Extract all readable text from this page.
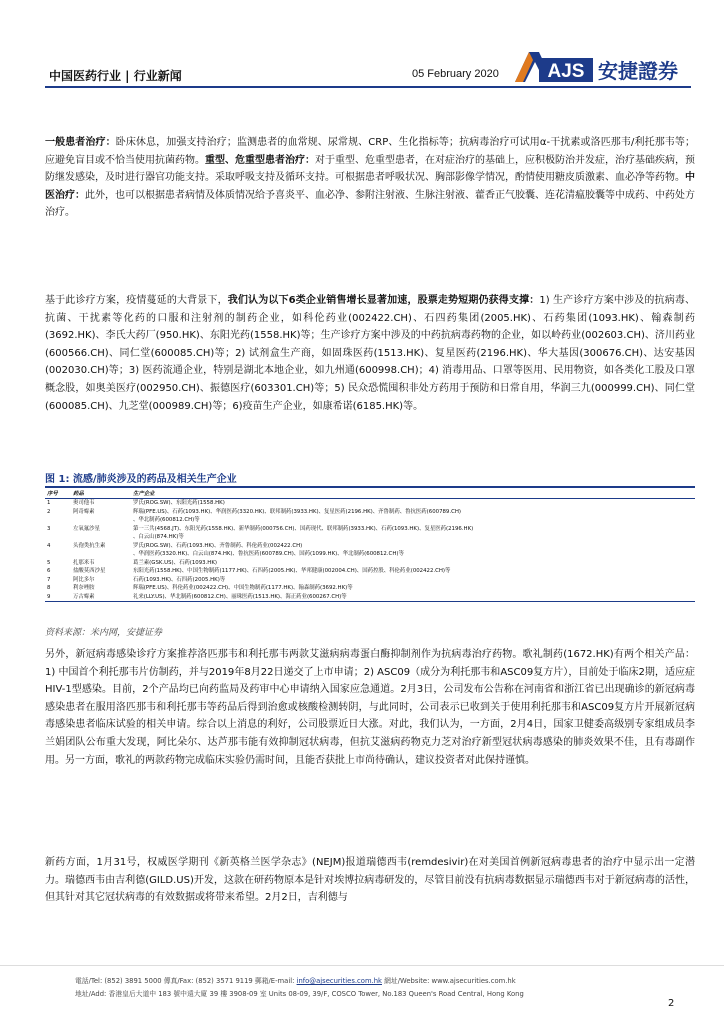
中国医药行业 | 行业新闻	05 February 2020	AJS 安捷證券
一般患者治疗：卧床休息，加强支持治疗；监测患者的血常规、尿常规、CRP、生化指标等；抗病毒治疗可试用α-干扰素或洛匹那韦/利托那韦等；应避免盲目或不恰当使用抗菌药物。重型、危重型患者治疗：对于重型、危重型患者，在对症治疗的基础上，应积极防治并发症，治疗基础疾病，预防继发感染，及时进行器官功能支持。采取呼吸支持及循环支持。可根据患者呼吸状况、胸部影像学情况，酌情使用糖皮质激素、血必净等药物。中医治疗：此外，也可以根据患者病情及体质情况给予喜炎平、血必净、参附注射液、生脉注射液、藿香正气胶囊、连花清瘟胶囊等中成药、中药处方治疗。
基于此诊疗方案，疫情蔓延的大背景下，我们认为以下6类企业销售增长显著加速，股票走势短期仍获得支撑：1) 生产诊疗方案中涉及的抗病毒、抗菌、干扰素等化药的口服和注射剂的制药企业，如科伦药业(002422.CH)、石四药集团(2005.HK)、石药集团(1093.HK)、翰森制药(3692.HK)、李氏大药厂(950.HK)、东阳光药(1558.HK)等；生产诊疗方案中涉及的中药抗病毒药物的企业，如以岭药业(002603.CH)、济川药业(600566.CH)、同仁堂(600085.CH)等；2) 试剂盒生产商，如固珠医药(1513.HK)、复星医药(2196.HK)、华大基因(300676.CH)、达安基因(002030.CH)等；3) 医药流通企业，特别是湖北本地企业，如九州通(600998.CH)；4) 消毒用品、口罩等医用、民用物资，如各类化工股及口罩概念股，如奥美医疗(002950.CH)、振德医疗(603301.CH)等；5) 民众恐慌囤积非处方药用于预防和日常自用，华润三九(000999.CH)、同仁堂(600085.CH)、九芝堂(000989.CH)等；6)疫苗生产企业，如康希诺(6185.HK)等。
图 1: 流感/肺炎涉及的药品及相关生产企业
序号	药品	生产企业
1	奥司他韦	罗氏(ROG.SW)、东阳光药(1558.HK)
2	阿奇霉素	辉瑞(PFE.US)、石药(1093.HK)、华润医药(3320.HK)、联邦制药(3933.HK)、复星医药(2196.HK)、齐鲁制药、鲁抗医药(600789.CH)
		、华北制药(600812.CH)等
3	左氧氟沙星	第一三共(4568.JT)、东阳光药(1558.HK)、新华制药(000756.CH)、国药现代、联邦制药(3933.HK)、石药(1093.HK)、复星医药(2196.HK)
		、白云山(874.HK)等
4	头孢类抗生素	罗氏(ROG.SW)、石药(1093.HK)、齐鲁制药、科伦药业(002422.CH)
		、华润医药(3320.HK)、白云山(874.HK)、鲁抗医药(600789.CH)、国药(1099.HK)、华北制药(600812.CH)等
5	扎那米韦	葛兰素(GSK.US)、石药(1093.HK)
6	盐酸莫西沙星	东阳光药(1558.HK)、中国生物制药(1177.HK)、石四药(2005.HK)、华邦健康(002004.CH)、国药控股、科伦药业(002422.CH)等
7	阿比多尔	石药(1093.HK)、石四药(2005.HK)等
8	利奈唑胺	辉瑞(PFE.US)、科伦药业(002422.CH)、中国生物制药(1177.HK)、翰森制药(3692.HK)等
9	万古霉素	礼来(LLY.US)、华北制药(600812.CH)、丽珠医药(1513.HK)、海正药业(600267.CH)等
资料来源：米内网，安捷证券
另外，新冠病毒感染诊疗方案推荐洛匹那韦和利托那韦两款艾滋病病毒蛋白酶抑制剂作为抗病毒治疗药物。歌礼制药(1672.HK)有两个相关产品：1) 中国首个利托那韦片仿制药，并与2019年8月22日递交了上市申请；2) ASC09（成分为利托那韦和ASC09复方片），目前处于临床2期，适应症HIV-1型感染。目前，2个产品均已向药监局及药审中心申请纳入国家应急通道。2月3日，公司发布公告称在河南省和浙江省已出现确诊的新冠病毒感染患者在服用洛匹那韦和利托那韦等药品后得到治愈或核酸检测转阴，与此同时，公司表示已收到关于使用利托那韦和ASC09复方片开展新冠病毒感染患者临床试验的相关申请。综合以上消息的利好，公司股票近日大涨。对此，我们认为，一方面，2月4日，国家卫健委高级别专家组成员李兰娟团队公布重大发现，阿比朵尔、达芦那韦能有效抑制冠状病毒，但抗艾滋病药物克力芝对治疗新型冠状病毒感染的肺炎效果不佳，且有毒副作用。另一方面，歌礼的两款药物完成临床实验仍需时间，且能否获批上市尚待确认，建议投资者对此保持谨慎。
新药方面，1月31号，权威医学期刊《新英格兰医学杂志》(NEJM)报道瑞德西韦(remdesivir)在对美国首例新冠病毒患者的治疗中显示出一定潜力。瑞德西韦由吉利德(GILD.US)开发，这款在研药物原本是针对埃博拉病毒研发的，尽管目前没有抗病毒数据显示瑞德西韦对于新冠病毒的活性，但其针对其它冠状病毒的有效数据或将带来希望。2月2日，吉利德与
電話/Tel: (852) 3891 5000 傳真/Fax: (852) 3571 9119 郵箱/E-mail: info@ajsecurities.com.hk 網址/Website: www.ajsecurities.com.hk
地址/Add: 香港皇后大道中 183 號中遠大廈 39 樓 3908-09 室 Units 08-09, 39/F, COSCO Tower, No.183 Queen's Road Central, Hong Kong
2
